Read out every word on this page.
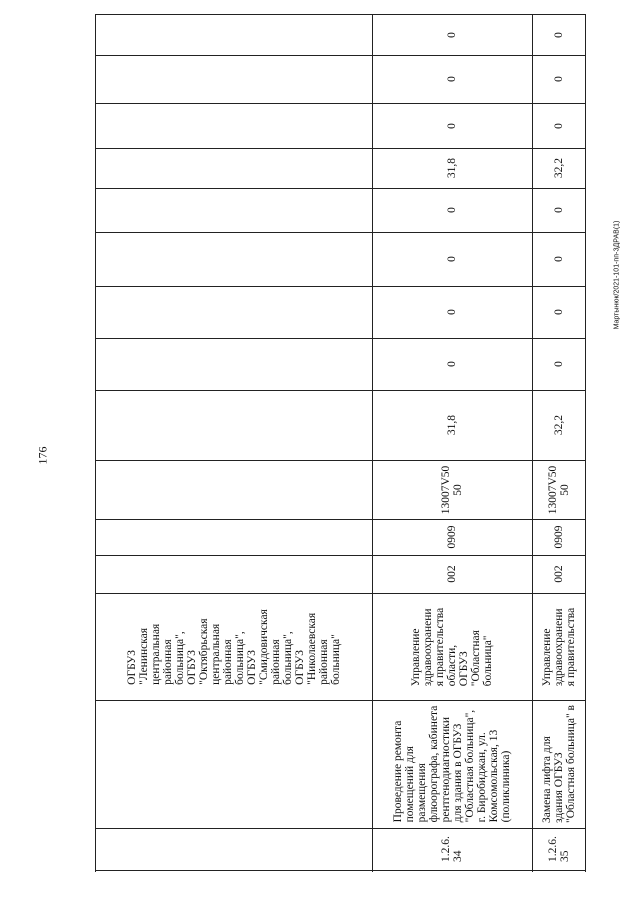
176
Мартынюк/2021-101-пп-ЗДРАВ(1)
ОГБУЗ
"Ленинская
центральная
районная
больница",
ОГБУЗ
"Октябрьская
центральная
районная
больница",
ОГБУЗ
"Смидовичская
районная
больница",
ОГБУЗ
"Николаевская
районная
больница"
1.2.6.
34
Проведение ремонта
помещений для
размещения
флюорографа, кабинета
рентгенодиагностики
для здания в ОГБУЗ
"Областная больница",
г. Биробиджан, ул.
Комсомольская, 13
(поликлиника)
Управление
здравоохранени
я правительства
области,
ОГБУЗ
"Областная
больница"
002
0909
13007V50
50
31,8
0
0
0
0
31,8
0
0
0
1.2.6.
35
Замена лифта для
здания ОГБУЗ
"Областная больница" в
Управление
здравоохранени
я правительства
002
0909
13007V50
50
32,2
0
0
0
0
32,2
0
0
0
